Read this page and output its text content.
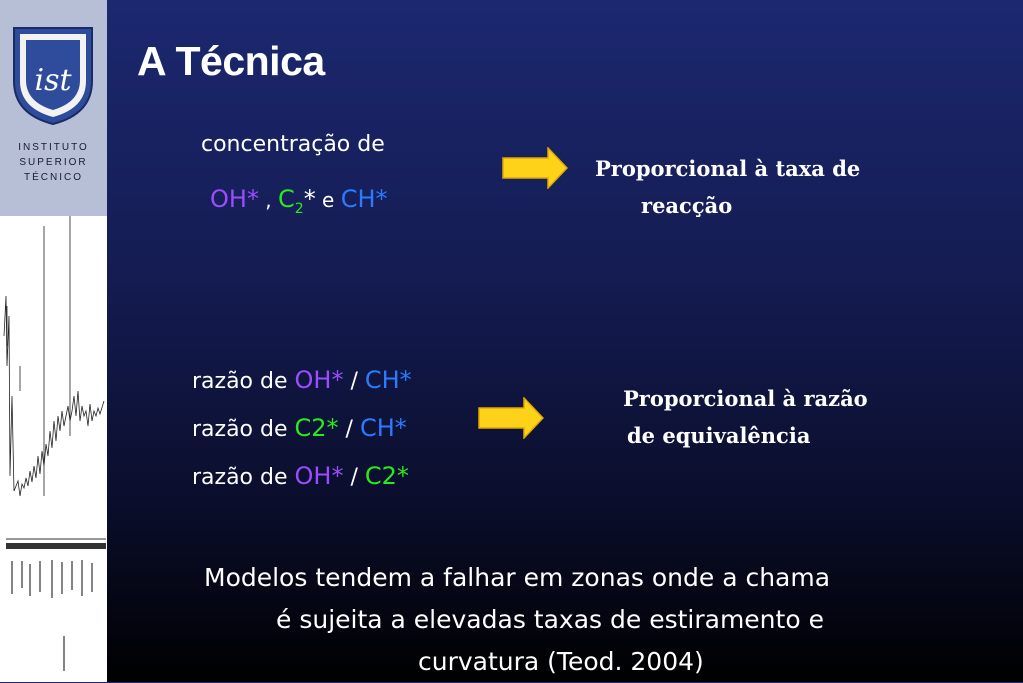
ist
INSTITUTO
SUPERIOR
TÉCNICO
A Técnica
concentração de
OH* , $C_2*$ e CH*
Proporcional à taxa de
reacção
razão de OH* / CH*
razão de C2* / CH*
razão de OH* / C2*
Proporcional à razão
de equivalência
Modelos tendem a falhar em zonas onde a chama
é sujeita a elevadas taxas de estiramento e
curvatura (Teod. 2004)
